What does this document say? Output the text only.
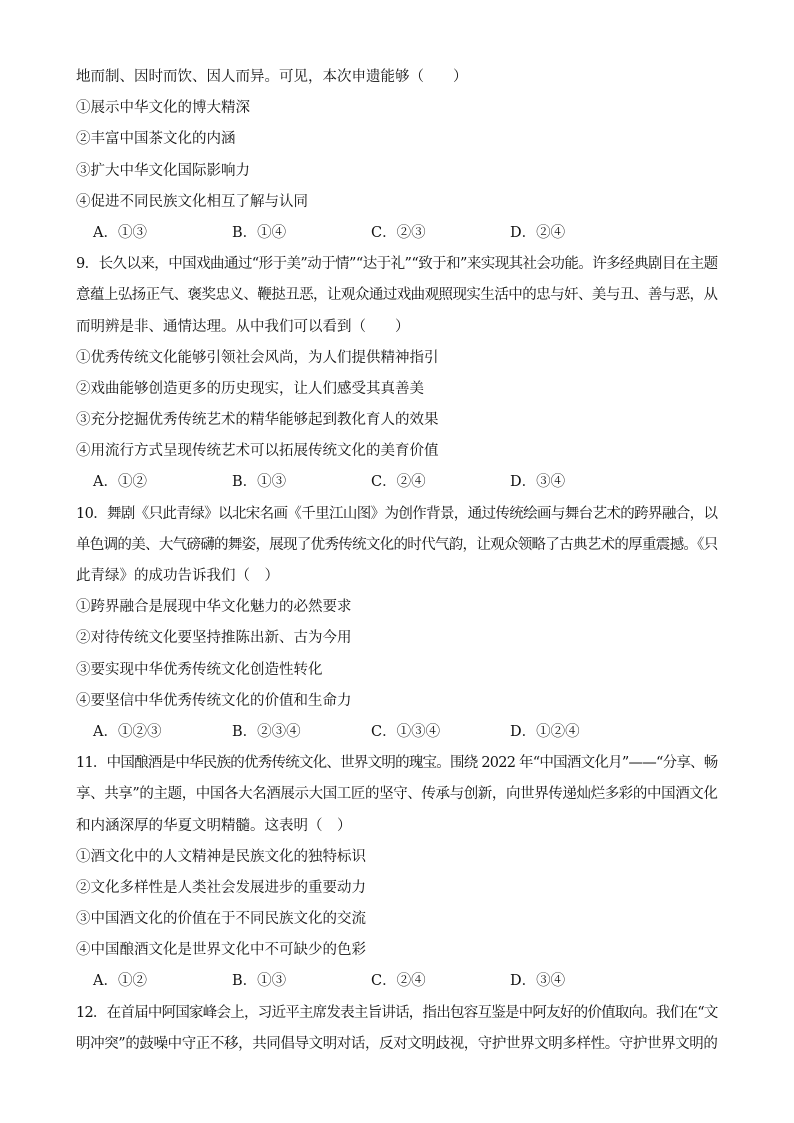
地而制、因时而饮、因人而异。可见，本次申遗能够（　　）
①展示中华文化的博大精深
②丰富中国茶文化的内涵
③扩大中华文化国际影响力
④促进不同民族文化相互了解与认同
A．①③	B．①④	C．②③	D．②④
9．长久以来，中国戏曲通过“形于美”动于情”“达于礼”“致于和”来实现其社会功能。许多经典剧目在主题
意蕴上弘扬正气、褒奖忠义、鞭挞丑恶，让观众通过戏曲观照现实生活中的忠与奸、美与丑、善与恶，从
而明辨是非、通情达理。从中我们可以看到（　　）
①优秀传统文化能够引领社会风尚，为人们提供精神指引
②戏曲能够创造更多的历史现实，让人们感受其真善美
③充分挖掘优秀传统艺术的精华能够起到教化育人的效果
④用流行方式呈现传统艺术可以拓展传统文化的美育价值
A．①②	B．①③	C．②④	D．③④
10．舞剧《只此青绿》以北宋名画《千里江山图》为创作背景，通过传统绘画与舞台艺术的跨界融合，以
单色调的美、大气磅礴的舞姿，展现了优秀传统文化的时代气韵，让观众领略了古典艺术的厚重震撼。《只
此青绿》的成功告诉我们（　）
①跨界融合是展现中华文化魅力的必然要求
②对待传统文化要坚持推陈出新、古为今用
③要实现中华优秀传统文化创造性转化
④要坚信中华优秀传统文化的价值和生命力
A．①②③	B．②③④	C．①③④	D．①②④
11．中国酿酒是中华民族的优秀传统文化、世界文明的瑰宝。围绕 2022 年“中国酒文化月”——“分享、畅
享、共享”的主题，中国各大名酒展示大国工匠的坚守、传承与创新，向世界传递灿烂多彩的中国酒文化
和内涵深厚的华夏文明精髓。这表明（　）
①酒文化中的人文精神是民族文化的独特标识
②文化多样性是人类社会发展进步的重要动力
③中国酒文化的价值在于不同民族文化的交流
④中国酿酒文化是世界文化中不可缺少的色彩
A．①②	B．①③	C．②④	D．③④
12．在首届中阿国家峰会上，习近平主席发表主旨讲话，指出包容互鉴是中阿友好的价值取向。我们在“文
明冲突”的鼓噪中守正不移，共同倡导文明对话，反对文明歧视，守护世界文明多样性。守护世界文明的
